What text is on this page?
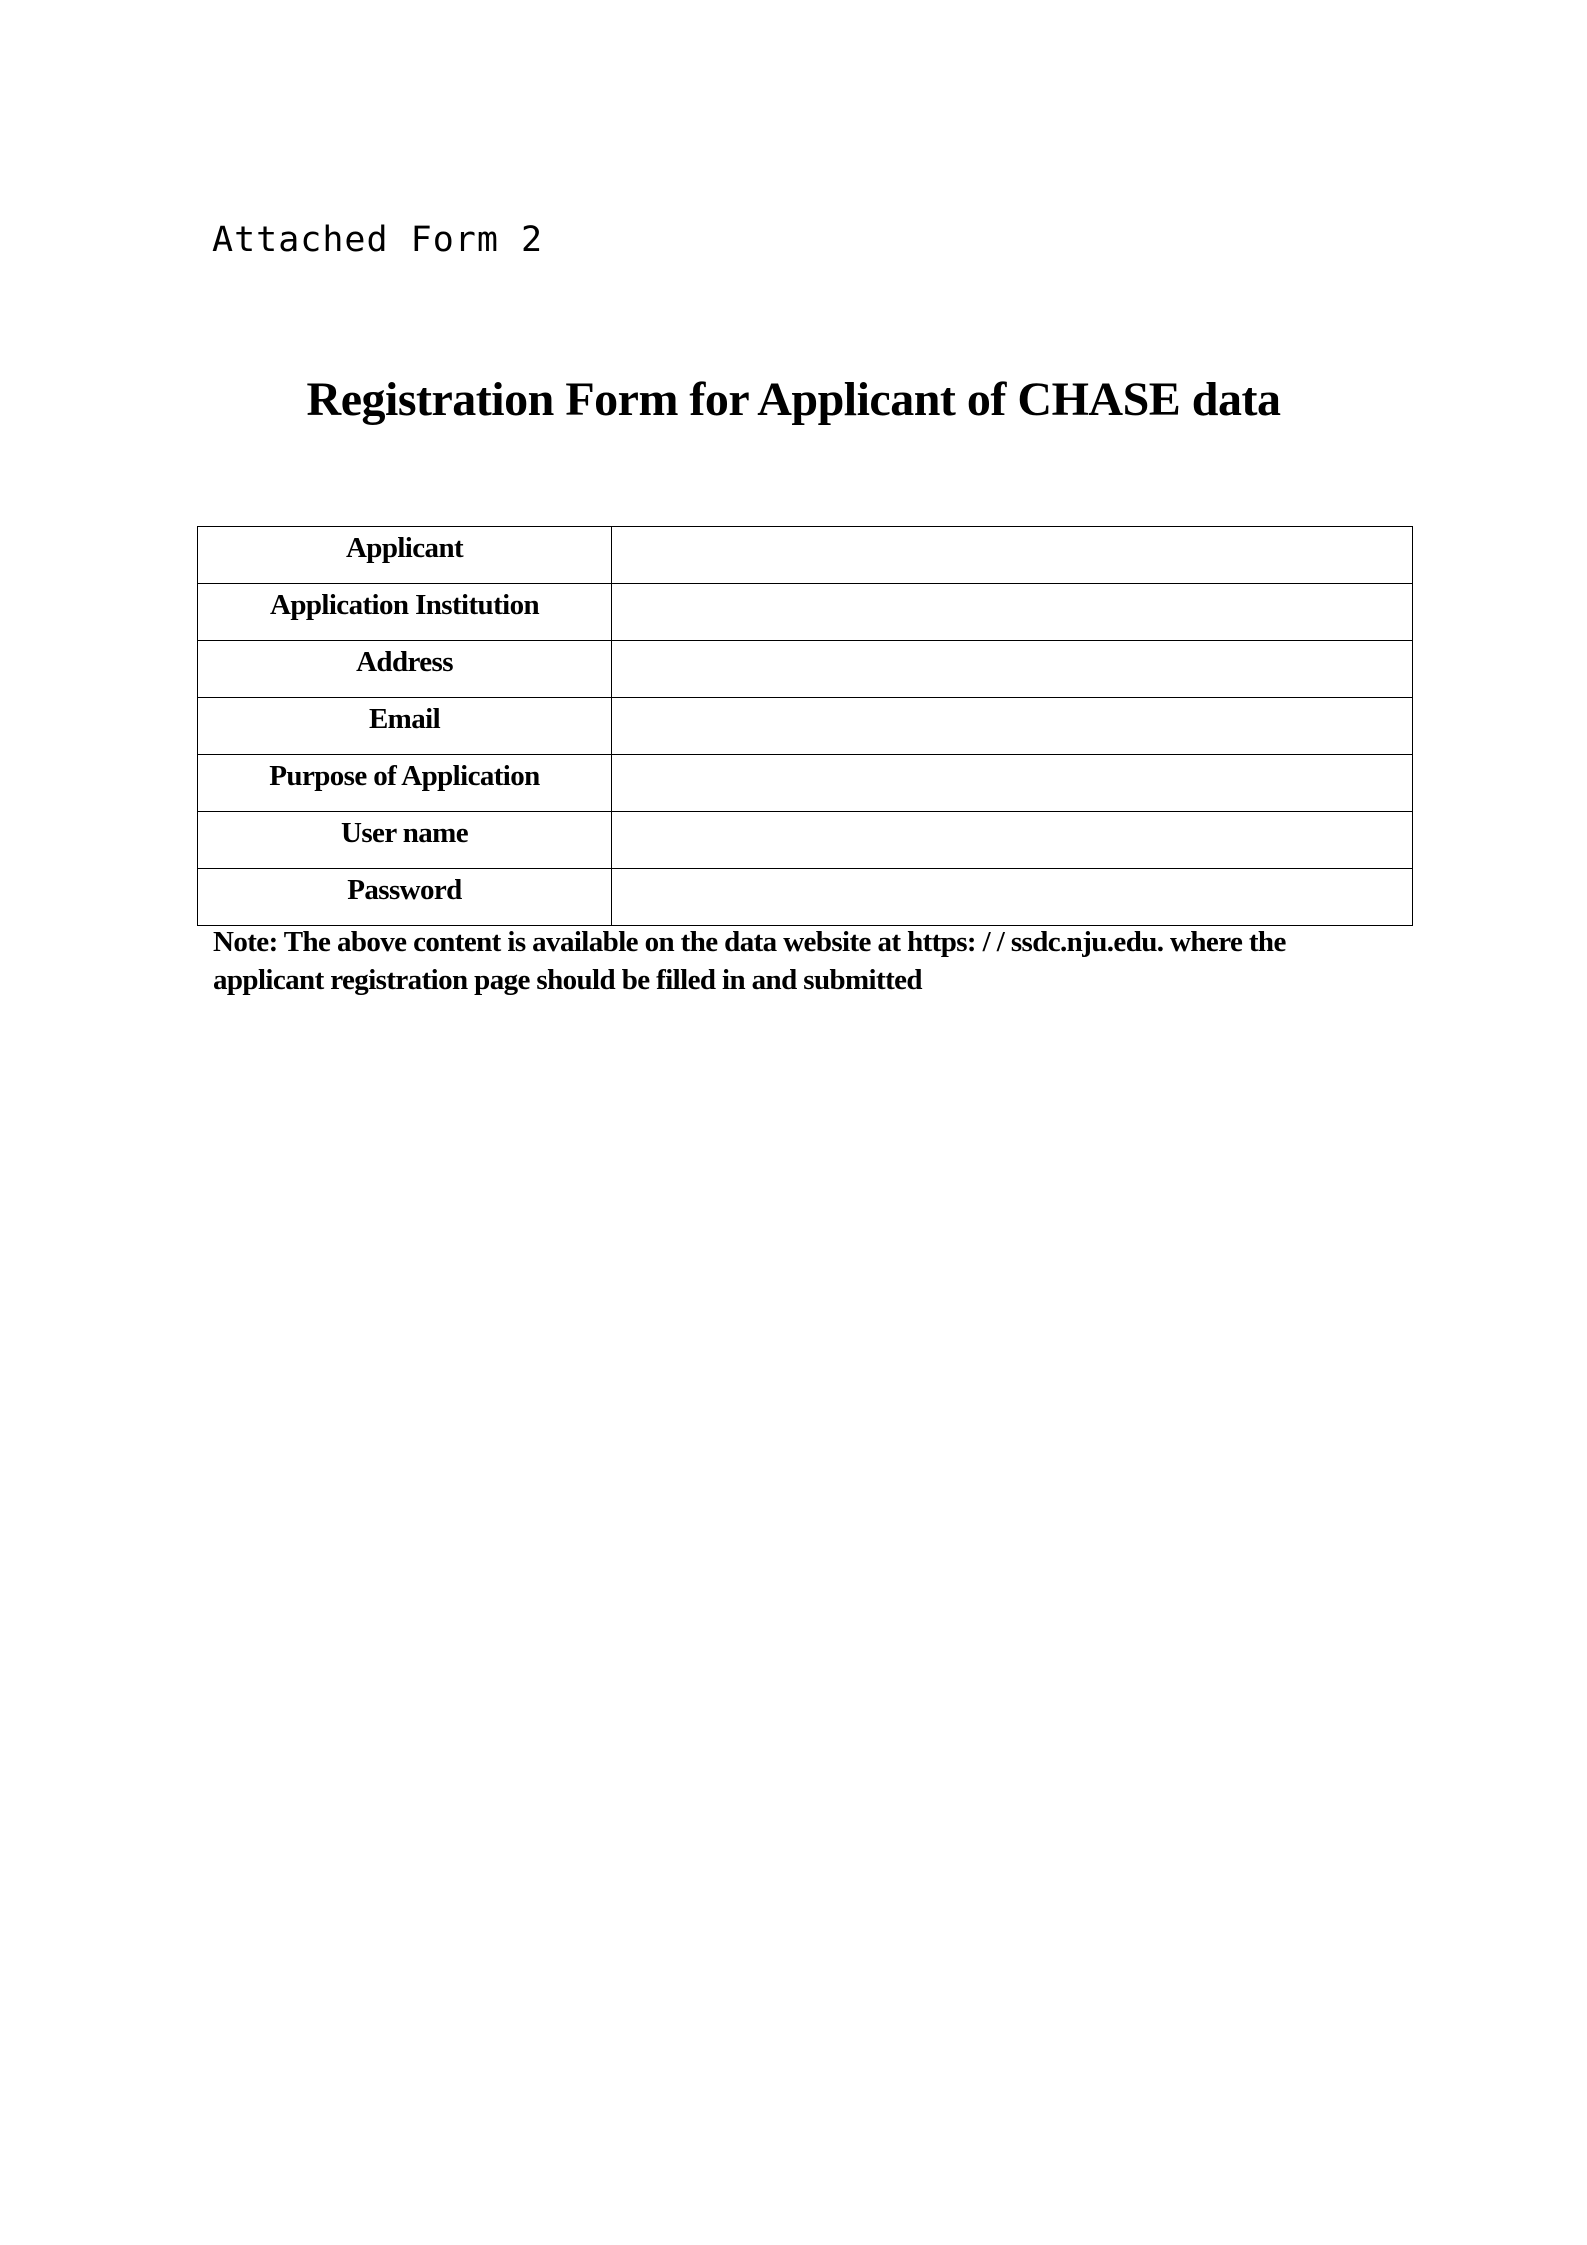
Attached Form 2
Registration Form for Applicant of CHASE data
Applicant	
Application Institution	
Address	
Email	
Purpose of Application	
User name	
Password	

Note: The above content is available on the data website at https: / / ssdc.nju.edu. where the
applicant registration page should be filled in and submitted
